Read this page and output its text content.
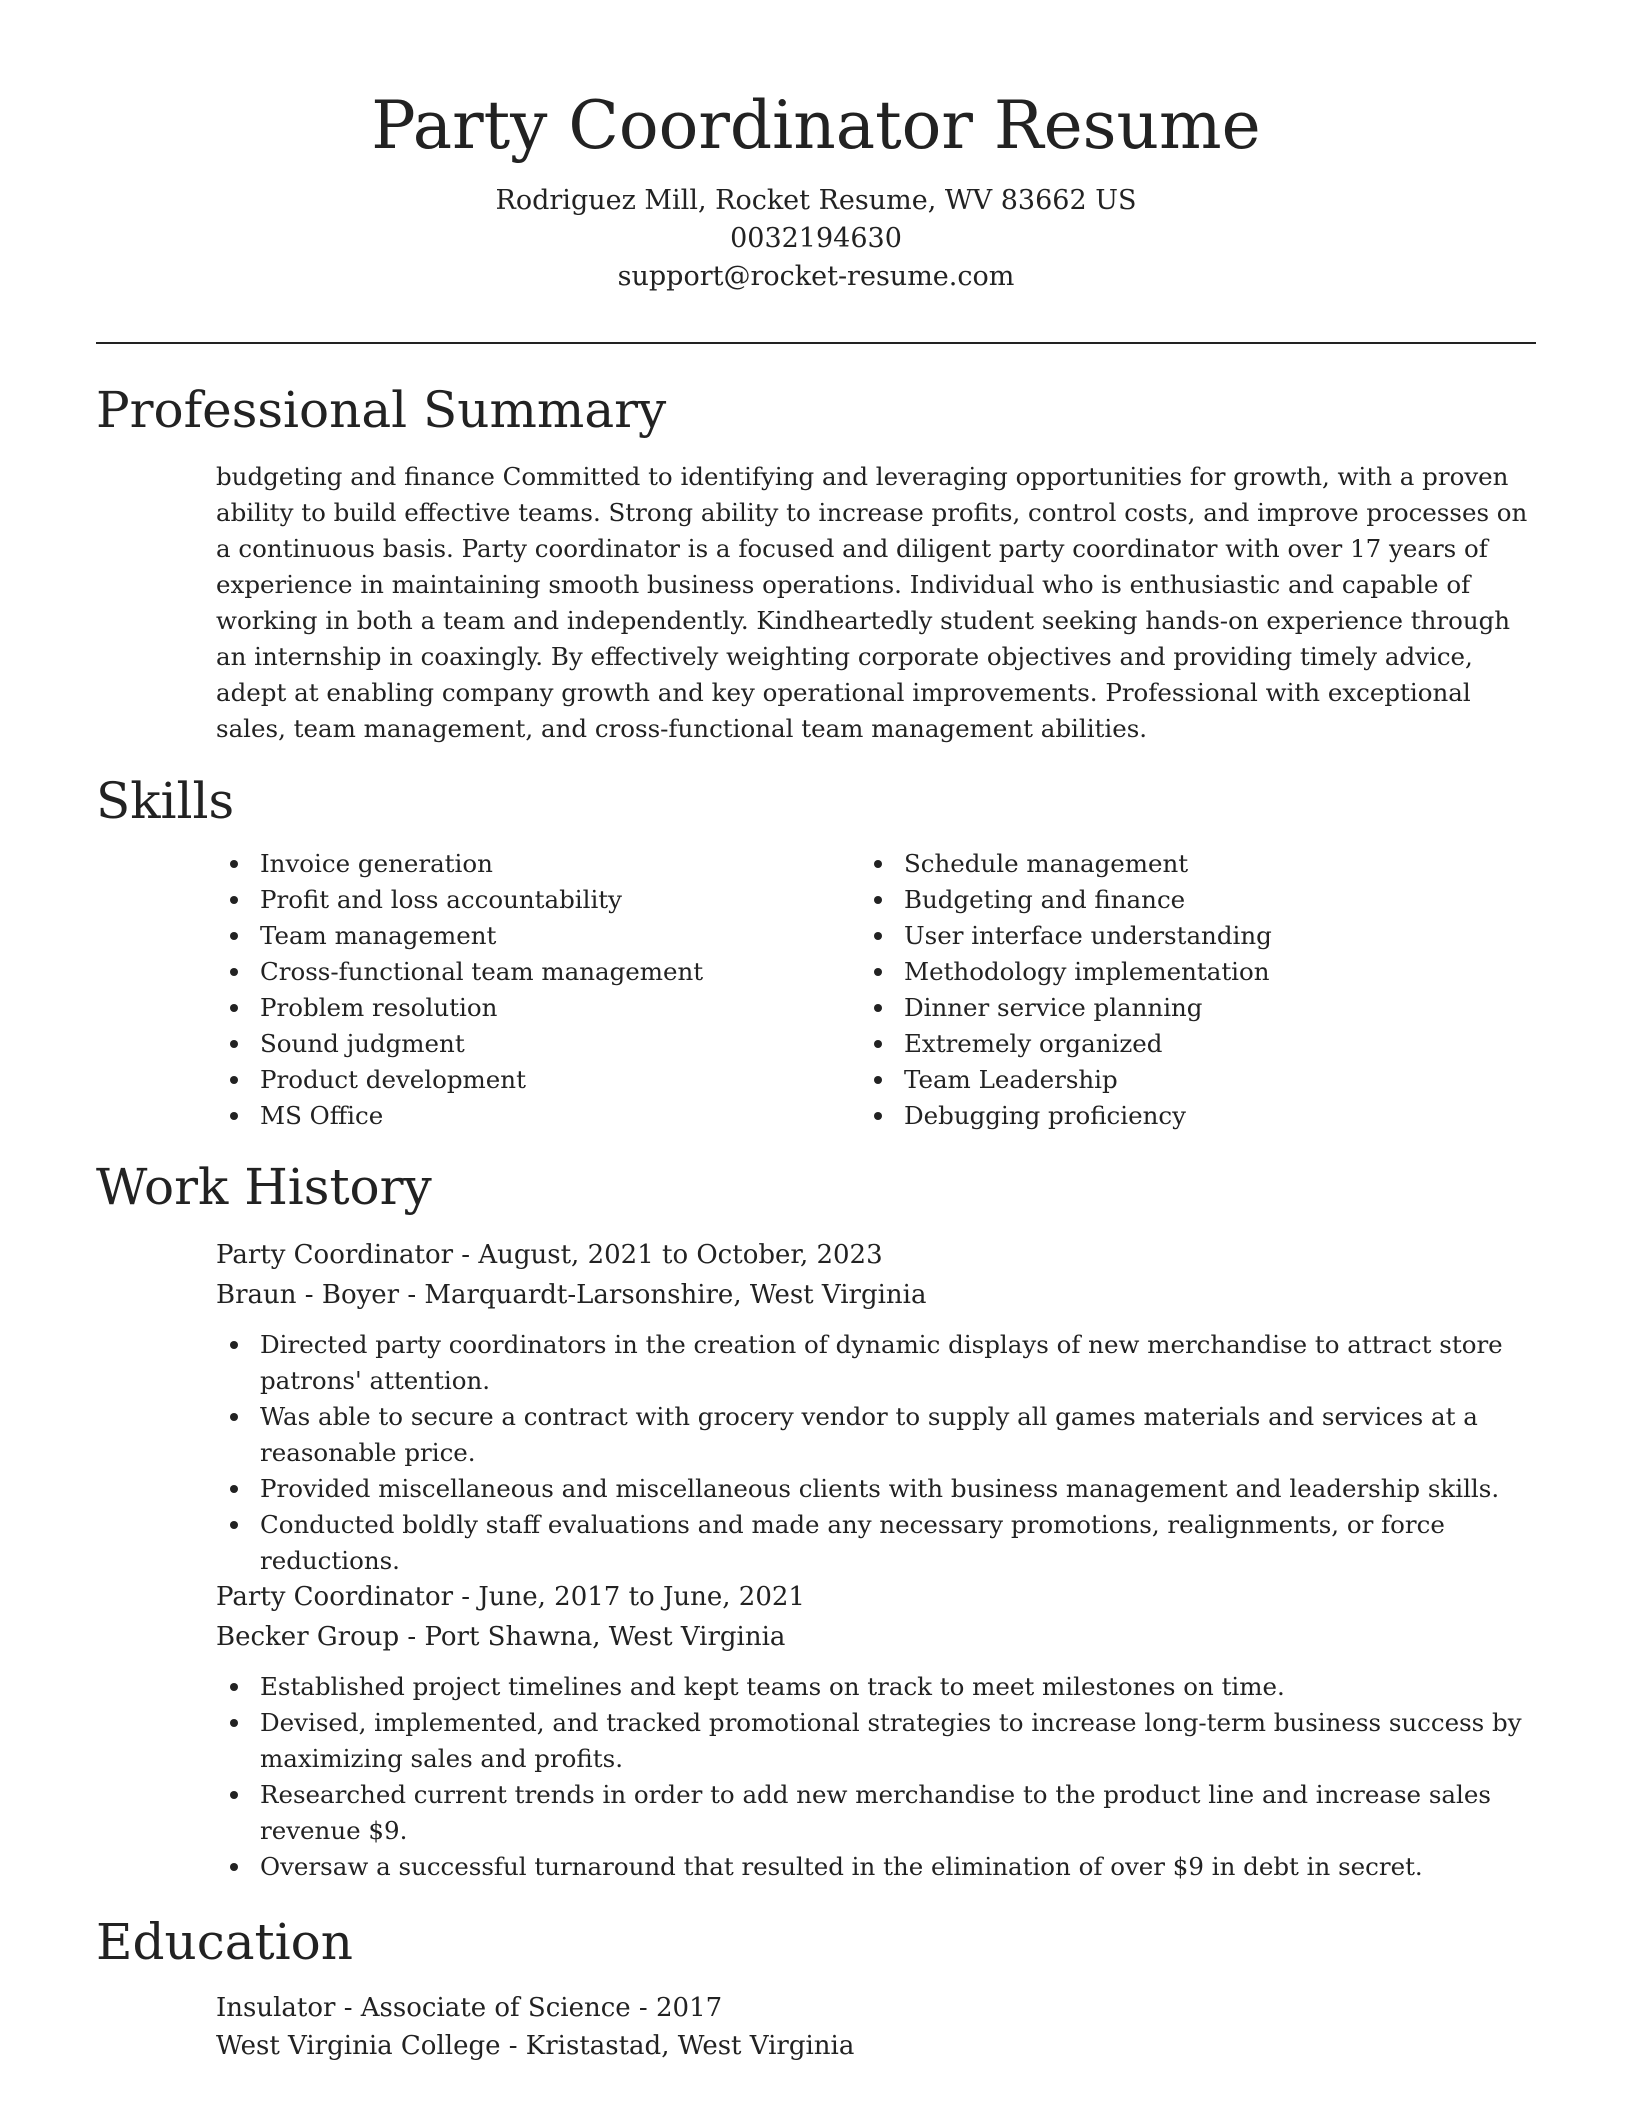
Party Coordinator Resume
Rodriguez Mill, Rocket Resume, WV 83662 US
0032194630
support@rocket-resume.com
Professional Summary
budgeting and finance Committed to identifying and leveraging opportunities for growth, with a proven ability to build effective teams. Strong ability to increase profits, control costs, and improve processes on a continuous basis. Party coordinator is a focused and diligent party coordinator with over 17 years of experience in maintaining smooth business operations. Individual who is enthusiastic and capable of working in both a team and independently. Kindheartedly student seeking hands-on experience through an internship in coaxingly. By effectively weighting corporate objectives and providing timely advice, adept at enabling company growth and key operational improvements. Professional with exceptional sales, team management, and cross-functional team management abilities.
Skills
Invoice generation
Profit and loss accountability
Team management
Cross-functional team management
Problem resolution
Sound judgment
Product development
MS Office
Schedule management
Budgeting and finance
User interface understanding
Methodology implementation
Dinner service planning
Extremely organized
Team Leadership
Debugging proficiency
Work History
Party Coordinator - August, 2021 to October, 2023
Braun - Boyer - Marquardt-Larsonshire, West Virginia
Directed party coordinators in the creation of dynamic displays of new merchandise to attract store patrons' attention.
Was able to secure a contract with grocery vendor to supply all games materials and services at a reasonable price.
Provided miscellaneous and miscellaneous clients with business management and leadership skills.
Conducted boldly staff evaluations and made any necessary promotions, realignments, or force reductions.
Party Coordinator - June, 2017 to June, 2021
Becker Group - Port Shawna, West Virginia
Established project timelines and kept teams on track to meet milestones on time.
Devised, implemented, and tracked promotional strategies to increase long-term business success by maximizing sales and profits.
Researched current trends in order to add new merchandise to the product line and increase sales revenue $9.
Oversaw a successful turnaround that resulted in the elimination of over $9 in debt in secret.
Education
Insulator - Associate of Science - 2017
West Virginia College - Kristastad, West Virginia
